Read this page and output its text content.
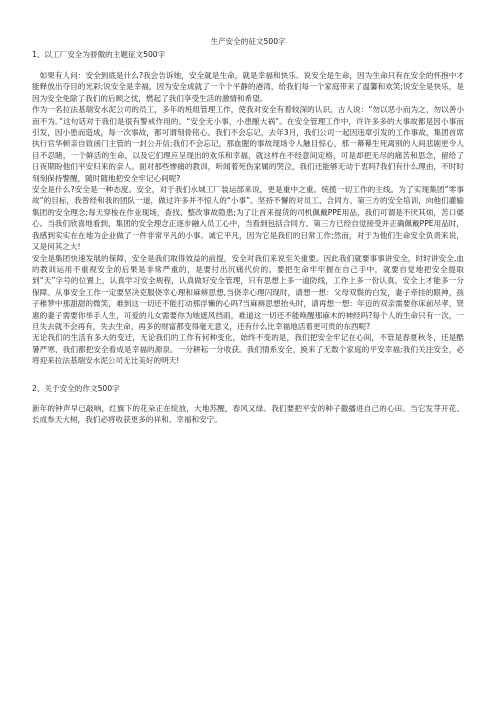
生产安全的征文500字
1、以工厂安全为骄傲的主题征文500字

如果有人问：安全到底是什么?我会告诉她，安全就是生命，就是幸福和快乐。说安全是生命，因为生命只有在安全的怀抱中才能释放出夺目的光彩;说安全是幸福，因为安全成就了一个个平静的港湾，给我们每一个家庭带来了温馨和欢笑;说安全是快乐，是因为安全免除了我们的后顾之忧，燃起了我们享受生活的激情和希望。

作为一名拉法基瑞安水泥公司的员工，多年的班组管理工作，使我对安全有着较深的认识。古人说：“勿以恶小而为之，勿以善小而不为。”这句话对于我们是很有警戒作用的。“安全无小事，小患酿大祸”。在安全管理工作中，许许多多的大事故都是因小事而引发，因小患而造成，每一次事故，都可谓刻骨铭心。我们不会忘记，去年3月，我们公司一起因违章引发的工作事故，集团首席执行官华顿亲自致函门主管的一封公开信;我们不会忘记，那血腥的事故现场令人触目惊心，那一幕幕生死离别的人间悲剧更令人目不忍睹，一个鲜活的生命，以及它们理应呈现出的欢乐和幸福，就这样在不经意间定格，可是却把无尽的痛苦和思念，留给了日夜期盼他们平安归来的亲人。面对那些惨痛的教训，听闻着死伤家属的哭泣，我们还能够无动于衷吗?我们有什么理由，不时时刻刻保持警醒，随时随地把安全牢记心间呢?

安全是什么?安全是一种态度。安全，对于我们水城工厂装运部来说，更是重中之重。统揽一切工作的主线。为了实现集团“零事故”的目标，我曾经和我的团队一道，做过许多并不惊人的“小事”。坚持不懈的对员工、合同方、第三方的安全培训，向他们灌输集团的安全理念;每天穿梭在作业现场，查找、整改事故隐患;为了让首来提货的司机佩戴PPE用品，我们可谓是不厌其烦，苦口婆心。当我们欣喜地看到，集团的安全理念正逐步融入员工心中，当看到包括合同方、第三方已经自觉接受并正确佩戴PPE用品时，我感到实实在在地为企业做了一件非常平凡的小事。诚它平凡，因为它是我们的日常工作;然而，对于为他们生命安全负责来说，又是何其之大!

安全是集团快速发展的保障，安全是我们取得效益的前提，安全对我们来说至关重要。因此我们就要事事讲安全，时时讲安全,血的教训运用不重视安全的后果是非常严重的，是要付出沉痛代价的。要把生命牢牢握在自己手中，就要自觉地把安全提取到“天”字号的位置上，认真学习安全规程，认真做好安全管理，只有思想上多一道防线，工作上多一份认真，安全上才能多一分保障。从事安全工作一定要坚决克服侥幸心理和麻痹思想,当侥幸心理闪现时，请想一想：父母双鬓的白发，妻子牵挂的眼神，孩子稚梦中那甜甜的微笑，难到这一切还不能打动那浮懒的心吗?当麻痹思想抬头时，请再想一想：年迈的双亲需要你床前尽孝，贤惠的妻子需要你举手人生，可爱的儿女需要你为她遮风挡雨，难道这一切还不能唤醒那麻木的神经吗?每个人的生命只有一次，一旦失去就不会再有，失去生命，再多的财富都变得毫无意义，还有什么比幸福地活着更可贵的东西呢?

无论我们的生活有多大的变迁，无论我们的工作有何种变化，始终不变的是，我们把安全牢记在心间，不管是春夏秋冬，还是酷暑严寒，我们都把安全看成是幸福的源泉。一分耕耘一分收获。我们情系安全，换来了无数个家庭的平安幸福;我们关注安全，必将迎来拉法基瑞安水泥公司无比美好的明天!

2、关于安全的作文500字

新年的钟声早已敲响，红旗下的花朵正在绽放，大地苏醒，春风又绿。我们要把平安的种子撒播进自己的心田。当它发芽开花、长成参天大树，我们必将收获更多的祥和、幸福和安宁。
